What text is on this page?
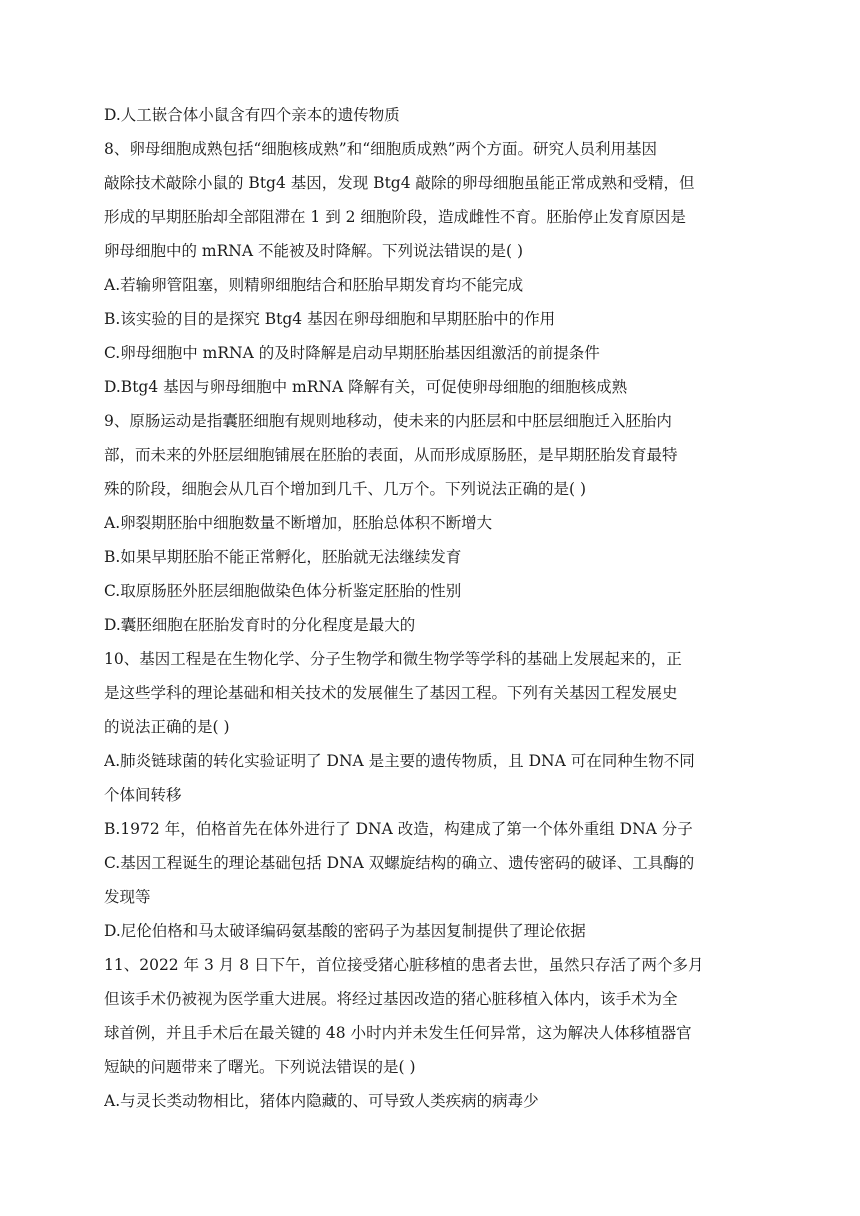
D.人工嵌合体小鼠含有四个亲本的遗传物质

8、卵母细胞成熟包括“细胞核成熟”和“细胞质成熟”两个方面。研究人员利用基因

敲除技术敲除小鼠的 Btg4 基因，发现 Btg4 敲除的卵母细胞虽能正常成熟和受精，但

形成的早期胚胎却全部阻滞在 1 到 2 细胞阶段，造成雌性不育。胚胎停止发育原因是

卵母细胞中的 mRNA 不能被及时降解。下列说法错误的是( )

A.若输卵管阻塞，则精卵细胞结合和胚胎早期发育均不能完成

B.该实验的目的是探究 Btg4 基因在卵母细胞和早期胚胎中的作用

C.卵母细胞中 mRNA 的及时降解是启动早期胚胎基因组激活的前提条件

D.Btg4 基因与卵母细胞中 mRNA 降解有关，可促使卵母细胞的细胞核成熟

9、原肠运动是指囊胚细胞有规则地移动，使未来的内胚层和中胚层细胞迁入胚胎内

部，而未来的外胚层细胞铺展在胚胎的表面，从而形成原肠胚，是早期胚胎发育最特

殊的阶段，细胞会从几百个增加到几千、几万个。下列说法正确的是( )

A.卵裂期胚胎中细胞数量不断增加，胚胎总体积不断增大

B.如果早期胚胎不能正常孵化，胚胎就无法继续发育

C.取原肠胚外胚层细胞做染色体分析鉴定胚胎的性别

D.囊胚细胞在胚胎发育时的分化程度是最大的

10、基因工程是在生物化学、分子生物学和微生物学等学科的基础上发展起来的，正

是这些学科的理论基础和相关技术的发展催生了基因工程。下列有关基因工程发展史

的说法正确的是( )

A.肺炎链球菌的转化实验证明了 DNA 是主要的遗传物质，且 DNA 可在同种生物不同

个体间转移

B.1972 年，伯格首先在体外进行了 DNA 改造，构建成了第一个体外重组 DNA 分子

C.基因工程诞生的理论基础包括 DNA 双螺旋结构的确立、遗传密码的破译、工具酶的

发现等

D.尼伦伯格和马太破译编码氨基酸的密码子为基因复制提供了理论依据

11、2022 年 3 月 8 日下午，首位接受猪心脏移植的患者去世，虽然只存活了两个多月

但该手术仍被视为医学重大进展。将经过基因改造的猪心脏移植入体内，该手术为全

球首例，并且手术后在最关键的 48 小时内并未发生任何异常，这为解决人体移植器官

短缺的问题带来了曙光。下列说法错误的是( )

A.与灵长类动物相比，猪体内隐藏的、可导致人类疾病的病毒少
